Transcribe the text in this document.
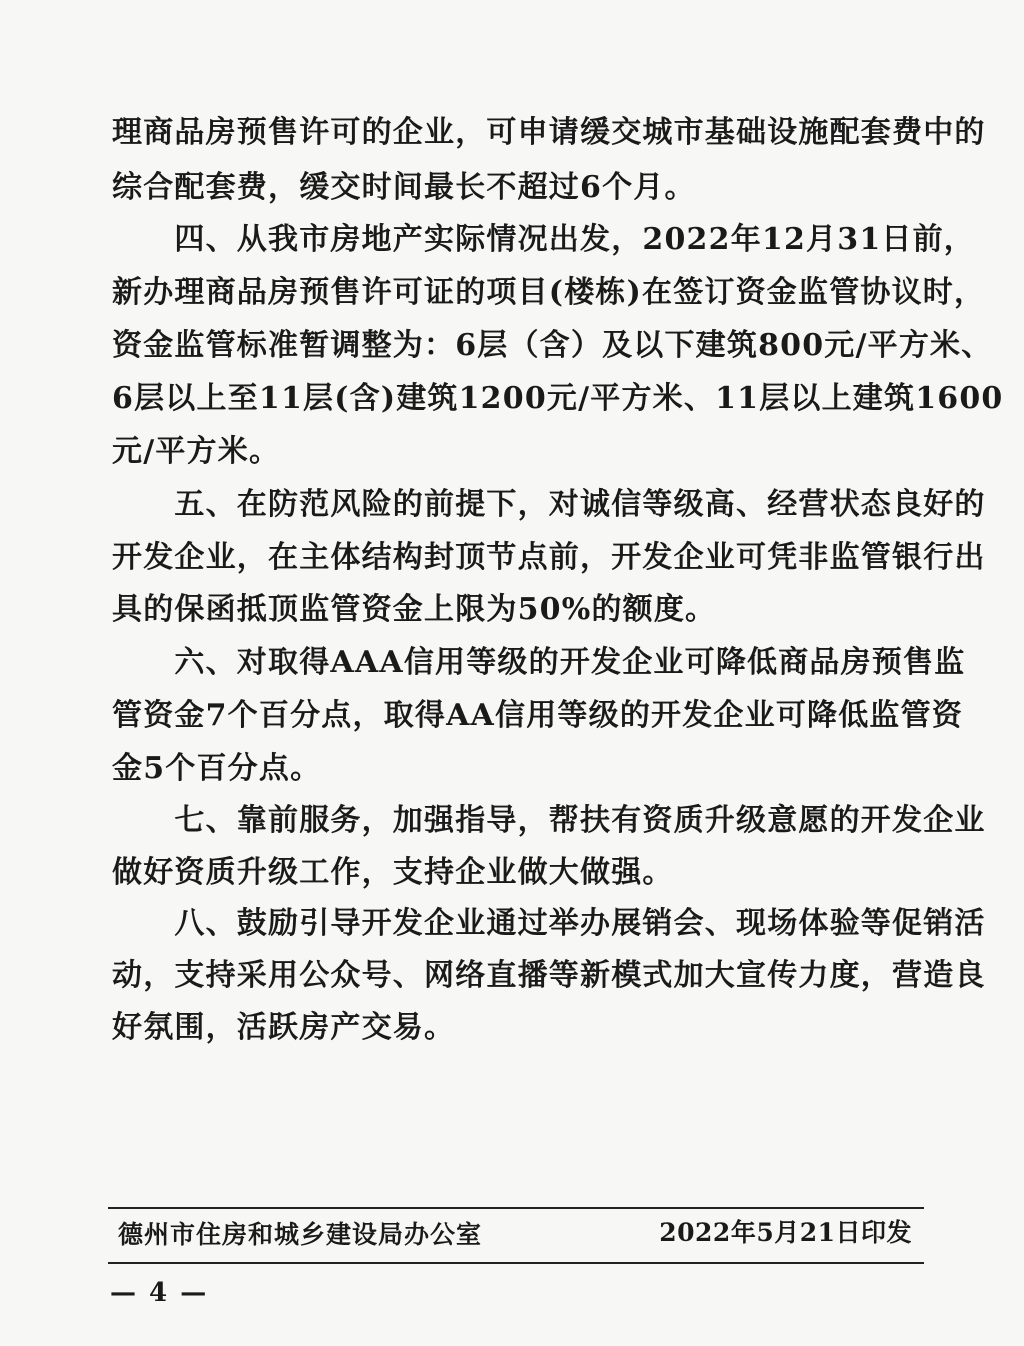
理商品房预售许可的企业，可申请缓交城市基础设施配套费中的
综合配套费，缓交时间最长不超过6个月。
　　四、从我市房地产实际情况出发，2022年12月31日前，
新办理商品房预售许可证的项目(楼栋)在签订资金监管协议时，
资金监管标准暂调整为：6层（含）及以下建筑800元/平方米、
6层以上至11层(含)建筑1200元/平方米、11层以上建筑1600
元/平方米。
　　五、在防范风险的前提下，对诚信等级高、经营状态良好的
开发企业，在主体结构封顶节点前，开发企业可凭非监管银行出
具的保函抵顶监管资金上限为50%的额度。
　　六、对取得AAA信用等级的开发企业可降低商品房预售监
管资金7个百分点，取得AA信用等级的开发企业可降低监管资
金5个百分点。
　　七、靠前服务，加强指导，帮扶有资质升级意愿的开发企业
做好资质升级工作，支持企业做大做强。
　　八、鼓励引导开发企业通过举办展销会、现场体验等促销活
动，支持采用公众号、网络直播等新模式加大宣传力度，营造良
好氛围，活跃房产交易。
德州市住房和城乡建设局办公室	2022年5月21日印发
— 4 —
